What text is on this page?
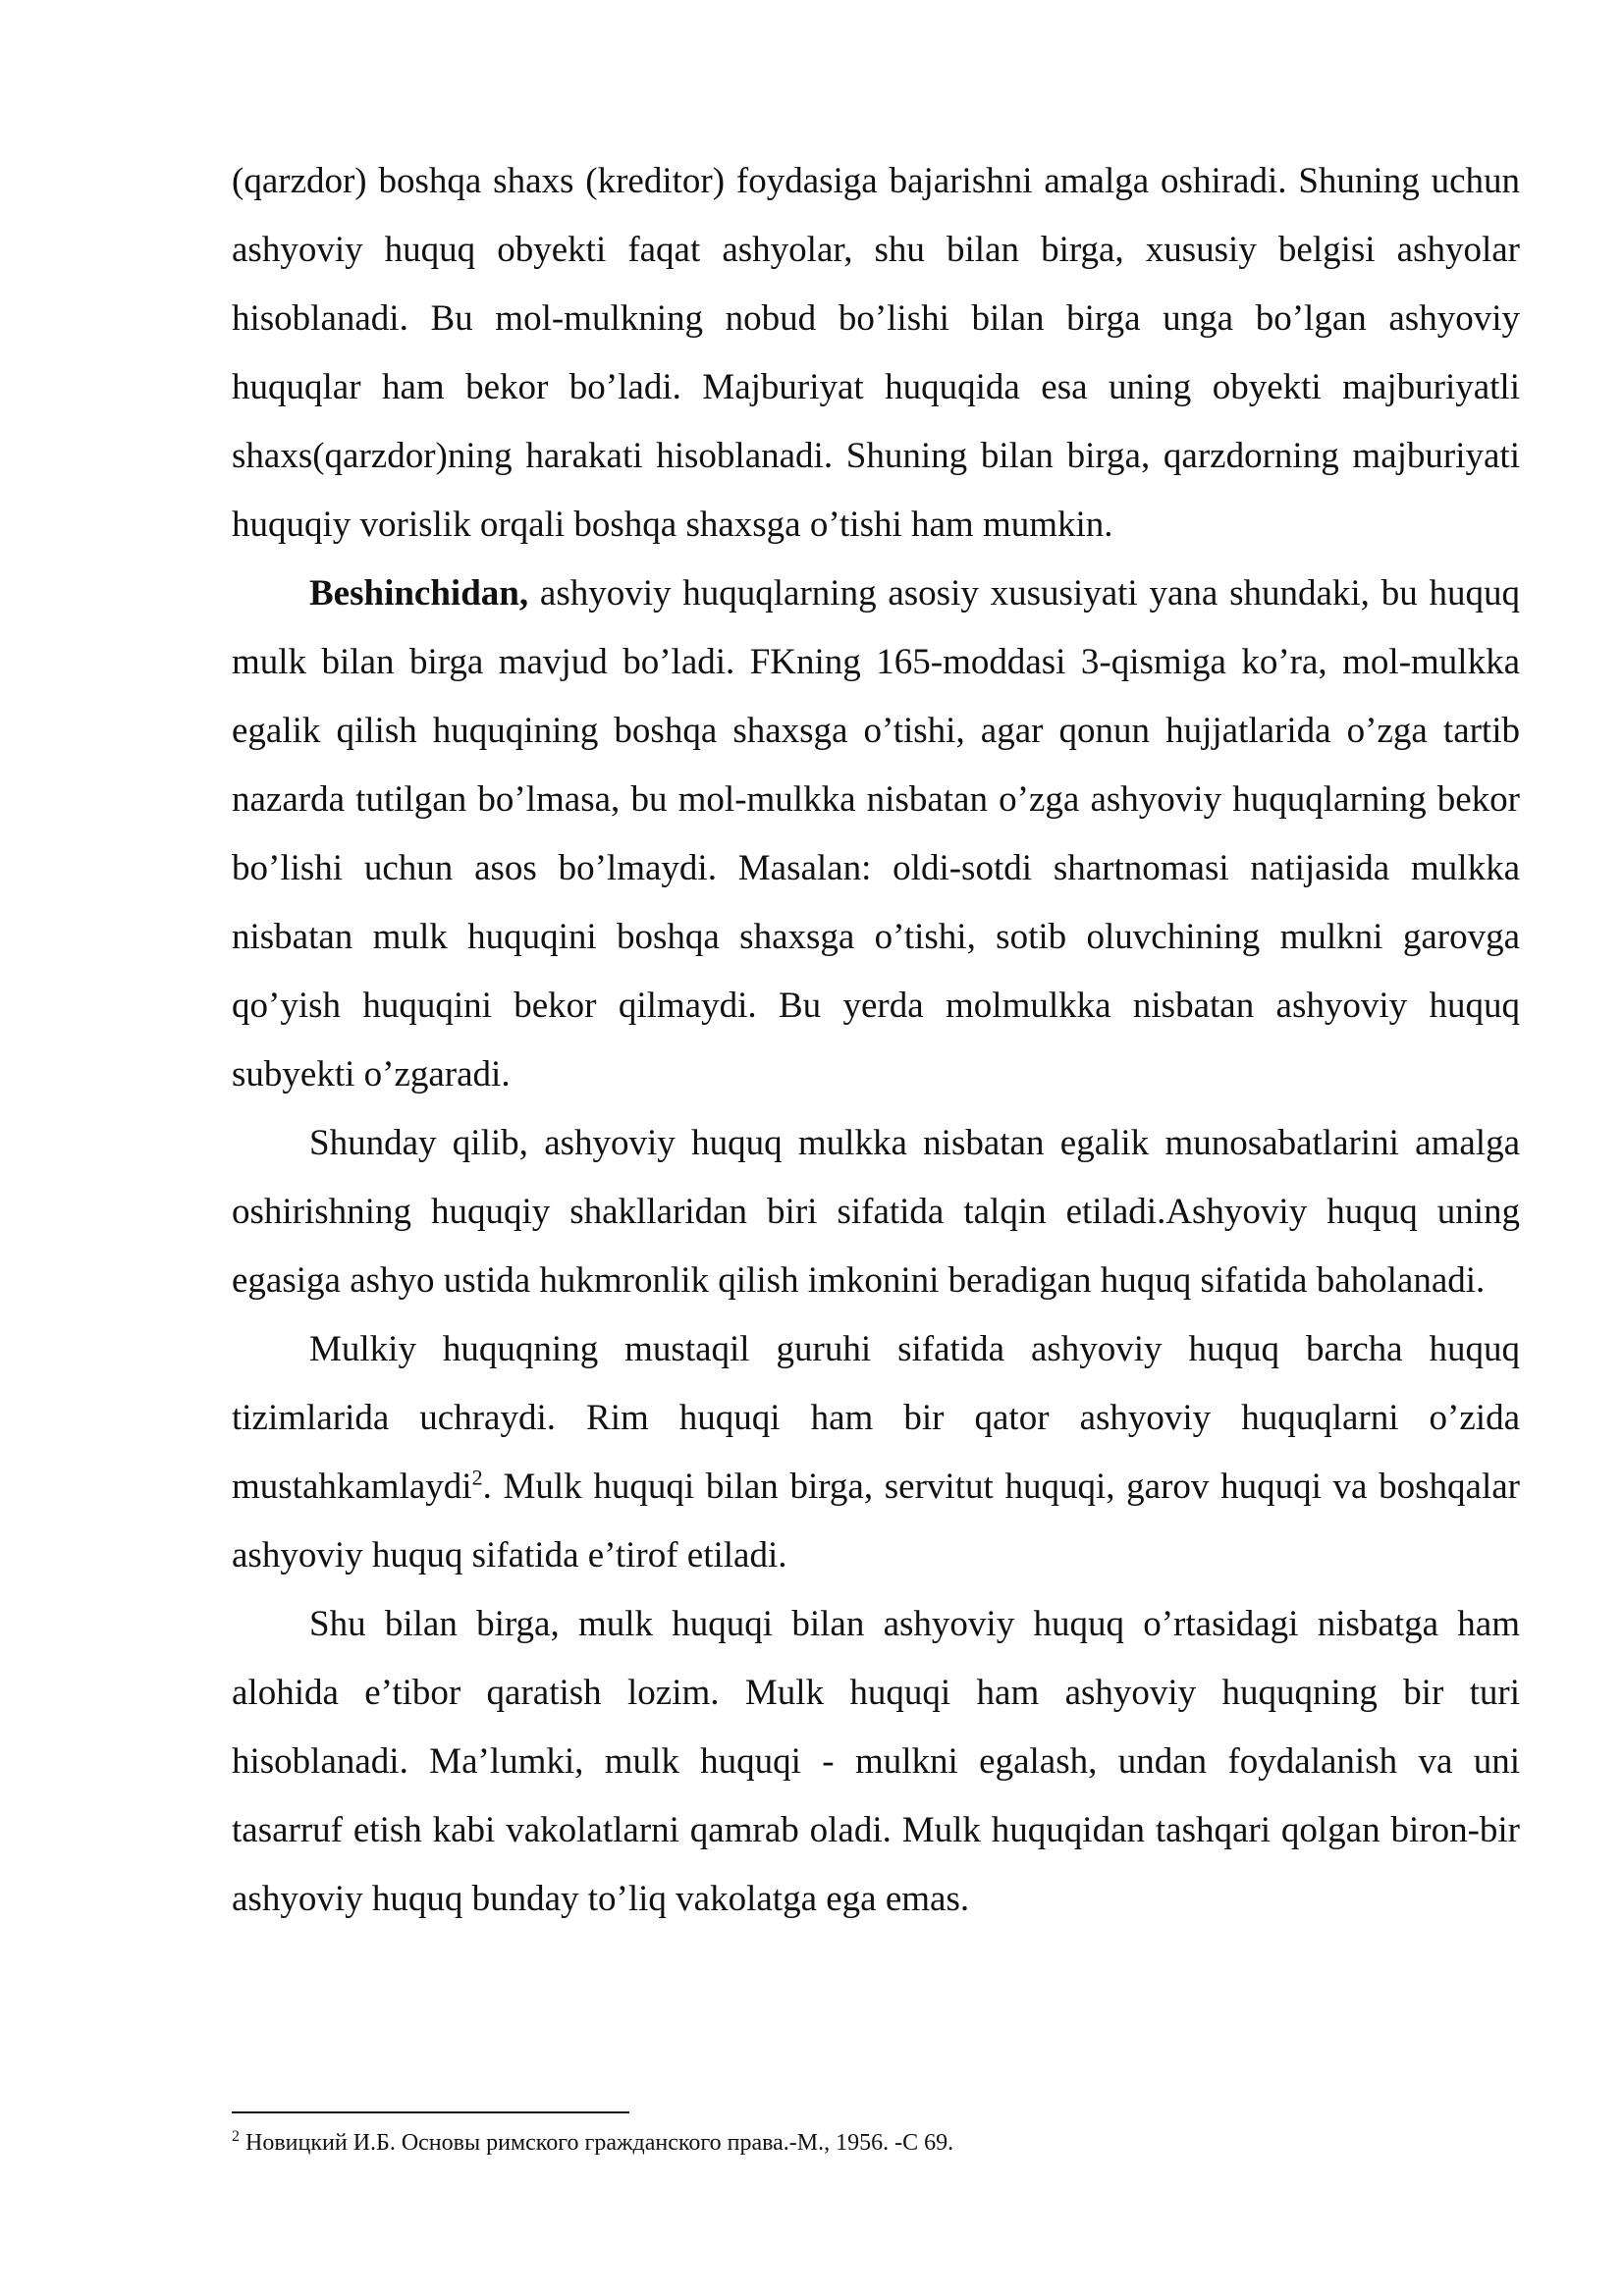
(qarzdor) boshqa shaxs (kreditor) foydasiga bajarishni amalga oshiradi. Shuning uchun ashyoviy huquq obyekti faqat ashyolar, shu bilan birga, xususiy belgisi ashyolar hisoblanadi. Bu mol-mulkning nobud bo’lishi bilan birga unga bo’lgan ashyoviy huquqlar ham bekor bo’ladi. Majburiyat huquqida esa uning obyekti majburiyatli shaxs(qarzdor)ning harakati hisoblanadi. Shuning bilan birga, qarzdorning majburiyati huquqiy vorislik orqali boshqa shaxsga o’tishi ham mumkin.

Beshinchidan, ashyoviy huquqlarning asosiy xususiyati yana shundaki, bu huquq mulk bilan birga mavjud bo’ladi. FKning 165-moddasi 3-qismiga ko’ra, mol-mulkka egalik qilish huquqining boshqa shaxsga o’tishi, agar qonun hujjatlarida o’zga tartib nazarda tutilgan bo’lmasa, bu mol-mulkka nisbatan o’zga ashyoviy huquqlarning bekor bo’lishi uchun asos bo’lmaydi. Masalan: oldi-sotdi shartnomasi natijasida mulkka nisbatan mulk huquqini boshqa shaxsga o’tishi, sotib oluvchining mulkni garovga qo’yish huquqini bekor qilmaydi. Bu yerda molmulkka nisbatan ashyoviy huquq subyekti o’zgaradi.

Shunday qilib, ashyoviy huquq mulkka nisbatan egalik munosabatlarini amalga oshirishning huquqiy shakllaridan biri sifatida talqin etiladi.Ashyoviy huquq uning egasiga ashyo ustida hukmronlik qilish imkonini beradigan huquq sifatida baholanadi.

Mulkiy huquqning mustaqil guruhi sifatida ashyoviy huquq barcha huquq tizimlarida uchraydi. Rim huquqi ham bir qator ashyoviy huquqlarni o’zida mustahkamlaydi$^2$. Mulk huquqi bilan birga, servitut huquqi, garov huquqi va boshqalar ashyoviy huquq sifatida e’tirof etiladi.

Shu bilan birga, mulk huquqi bilan ashyoviy huquq o’rtasidagi nisbatga ham alohida e’tibor qaratish lozim. Mulk huquqi ham ashyoviy huquqning bir turi hisoblanadi. Ma’lumki, mulk huquqi - mulkni egalash, undan foydalanish va uni tasarruf etish kabi vakolatlarni qamrab oladi. Mulk huquqidan tashqari qolgan biron-bir ashyoviy huquq bunday to’liq vakolatga ega emas.

$^2$ Новицкий И.Б. Основы римского гражданского права.-М., 1956. -С 69.
